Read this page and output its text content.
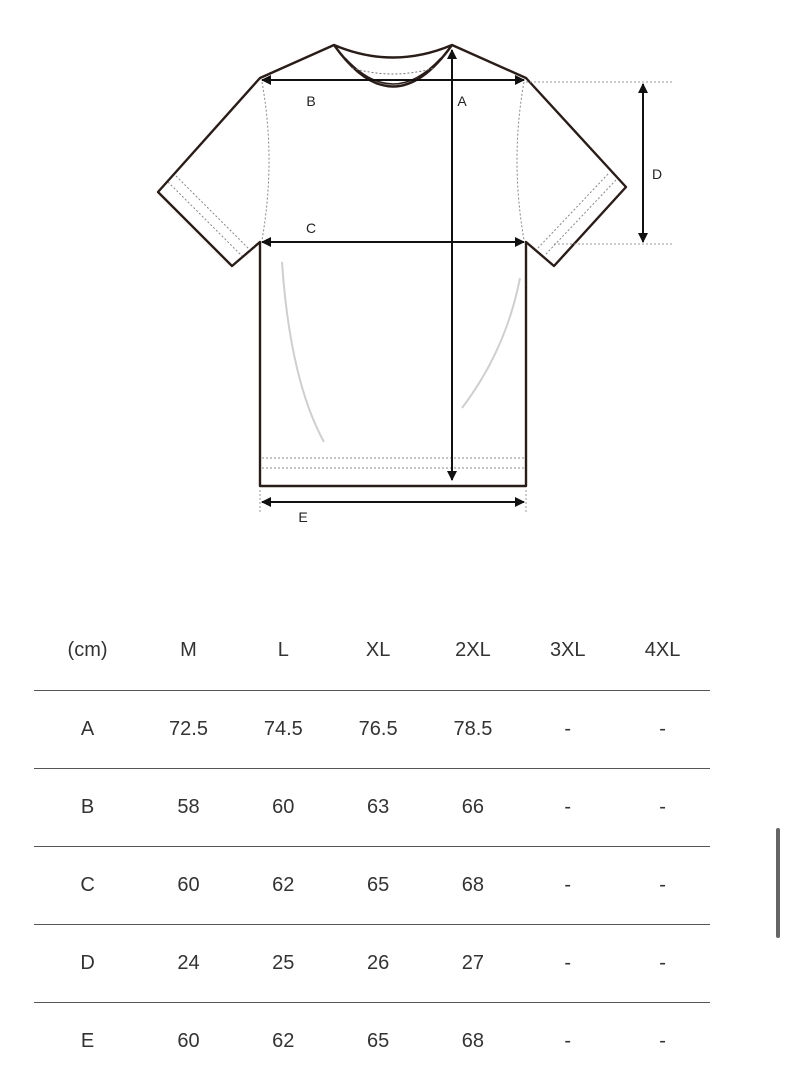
B	A
C
D
E
(cm)	M	L	XL	2XL	3XL	4XL
A	72.5	74.5	76.5	78.5	-	-
B	58	60	63	66	-	-
C	60	62	65	68	-	-
D	24	25	26	27	-	-
E	60	62	65	68	-	-
